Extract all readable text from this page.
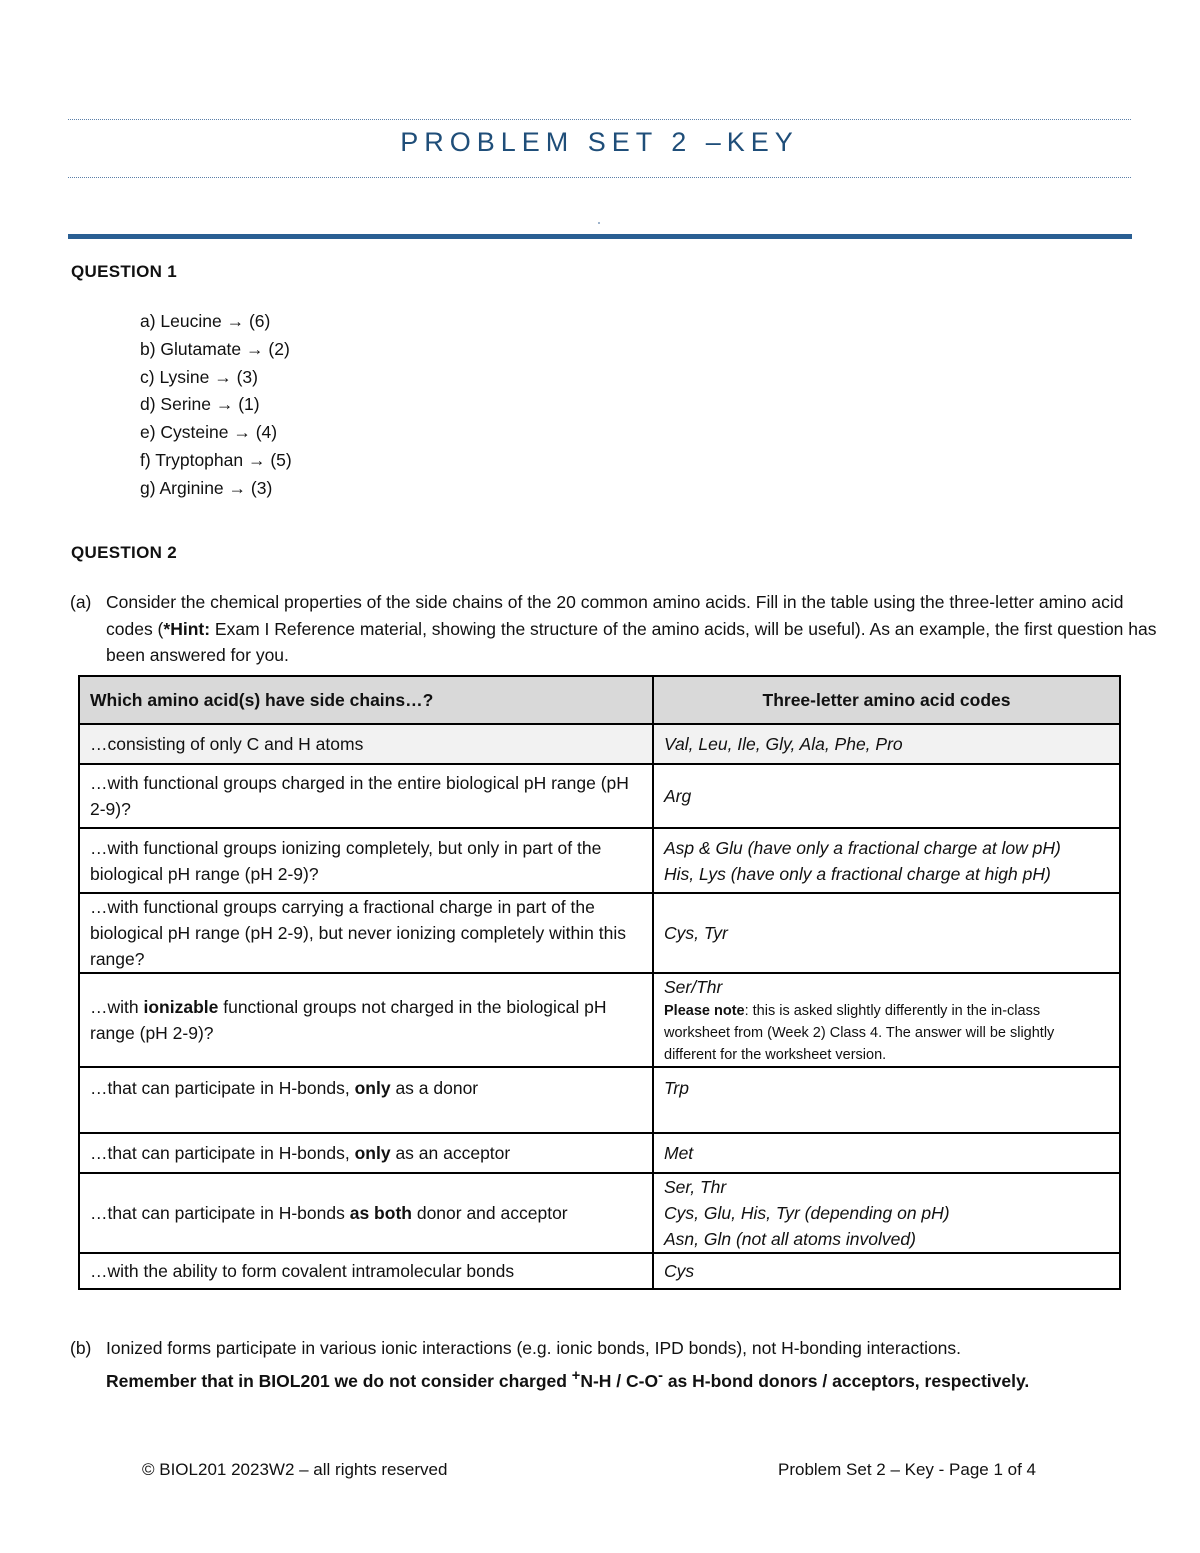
PROBLEM SET 2 –KEY
QUESTION 1
a) Leucine → (6)
b) Glutamate → (2)
c) Lysine → (3)
d) Serine → (1)
e) Cysteine → (4)
f) Tryptophan → (5)
g) Arginine → (3)
QUESTION 2
(a) Consider the chemical properties of the side chains of the 20 common amino acids. Fill in the table using the three-letter amino acid codes (*Hint: Exam I Reference material, showing the structure of the amino acids, will be useful). As an example, the first question has been answered for you.
Which amino acid(s) have side chains…?	Three-letter amino acid codes
…consisting of only C and H atoms	Val, Leu, Ile, Gly, Ala, Phe, Pro
…with functional groups charged in the entire biological pH range (pH 2-9)?	Arg
…with functional groups ionizing completely, but only in part of the biological pH range (pH 2-9)?	Asp & Glu (have only a fractional charge at low pH)
His, Lys (have only a fractional charge at high pH)

…with functional groups carrying a fractional charge in part of the biological pH range (pH 2-9), but never ionizing completely within this range?	Cys, Tyr
…with ionizable functional groups not charged in the biological pH range (pH 2-9)?	Ser/Thr
Please note: this is asked slightly differently in the in-class worksheet from (Week 2) Class 4. The answer will be slightly different for the worksheet version.

…that can participate in H-bonds, only as a donor	Trp
…that can participate in H-bonds, only as an acceptor	Met
…that can participate in H-bonds as both donor and acceptor	Ser, Thr
Cys, Glu, His, Tyr (depending on pH)
Asn, Gln (not all atoms involved)

…with the ability to form covalent intramolecular bonds	Cys
(b) Ionized forms participate in various ionic interactions (e.g. ionic bonds, IPD bonds), not H-bonding interactions.
Remember that in BIOL201 we do not consider charged +N-H / C-O- as H-bond donors / acceptors, respectively.
© BIOL201 2023W2 – all rights reserved	Problem Set 2 – Key - Page 1 of 4
